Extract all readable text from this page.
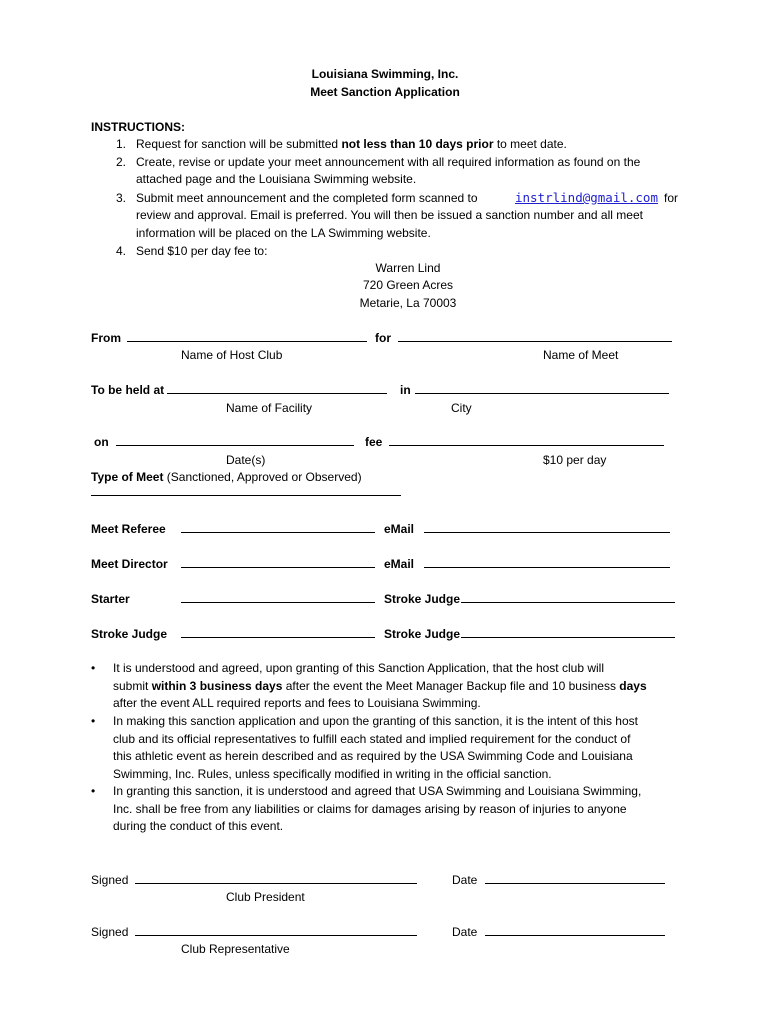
Louisiana Swimming, Inc.
Meet Sanction Application
INSTRUCTIONS:
1. Request for sanction will be submitted not less than 10 days prior to meet date.
2. Create, revise or update your meet announcement with all required information as found on the
attached page and the Louisiana Swimming website.
3. Submit meet announcement and the completed form scanned to	instrlind@gmail.com for
review and approval. Email is preferred. You will then be issued a sanction number and all meet
information will be placed on the LA Swimming website.
4. Send $10 per day fee to:
Warren Lind
720 Green Acres
Metarie, La 70003
From	for
Name of Host Club	Name of Meet
To be held at	in
Name of Facility	City
on	fee
Date(s)	$10 per day
Type of Meet (Sanctioned, Approved or Observed)
Meet Referee	eMail
Meet Director	eMail
Starter	Stroke Judge
Stroke Judge	Stroke Judge
• It is understood and agreed, upon granting of this Sanction Application, that the host club will
submit within 3 business days after the event the Meet Manager Backup file and 10 business days
after the event ALL required reports and fees to Louisiana Swimming.
• In making this sanction application and upon the granting of this sanction, it is the intent of this host
club and its official representatives to fulfill each stated and implied requirement for the conduct of
this athletic event as herein described and as required by the USA Swimming Code and Louisiana
Swimming, Inc. Rules, unless specifically modified in writing in the official sanction.
• In granting this sanction, it is understood and agreed that USA Swimming and Louisiana Swimming,
Inc. shall be free from any liabilities or claims for damages arising by reason of injuries to anyone
during the conduct of this event.
Signed	Date
Club President
Signed	Date
Club Representative
